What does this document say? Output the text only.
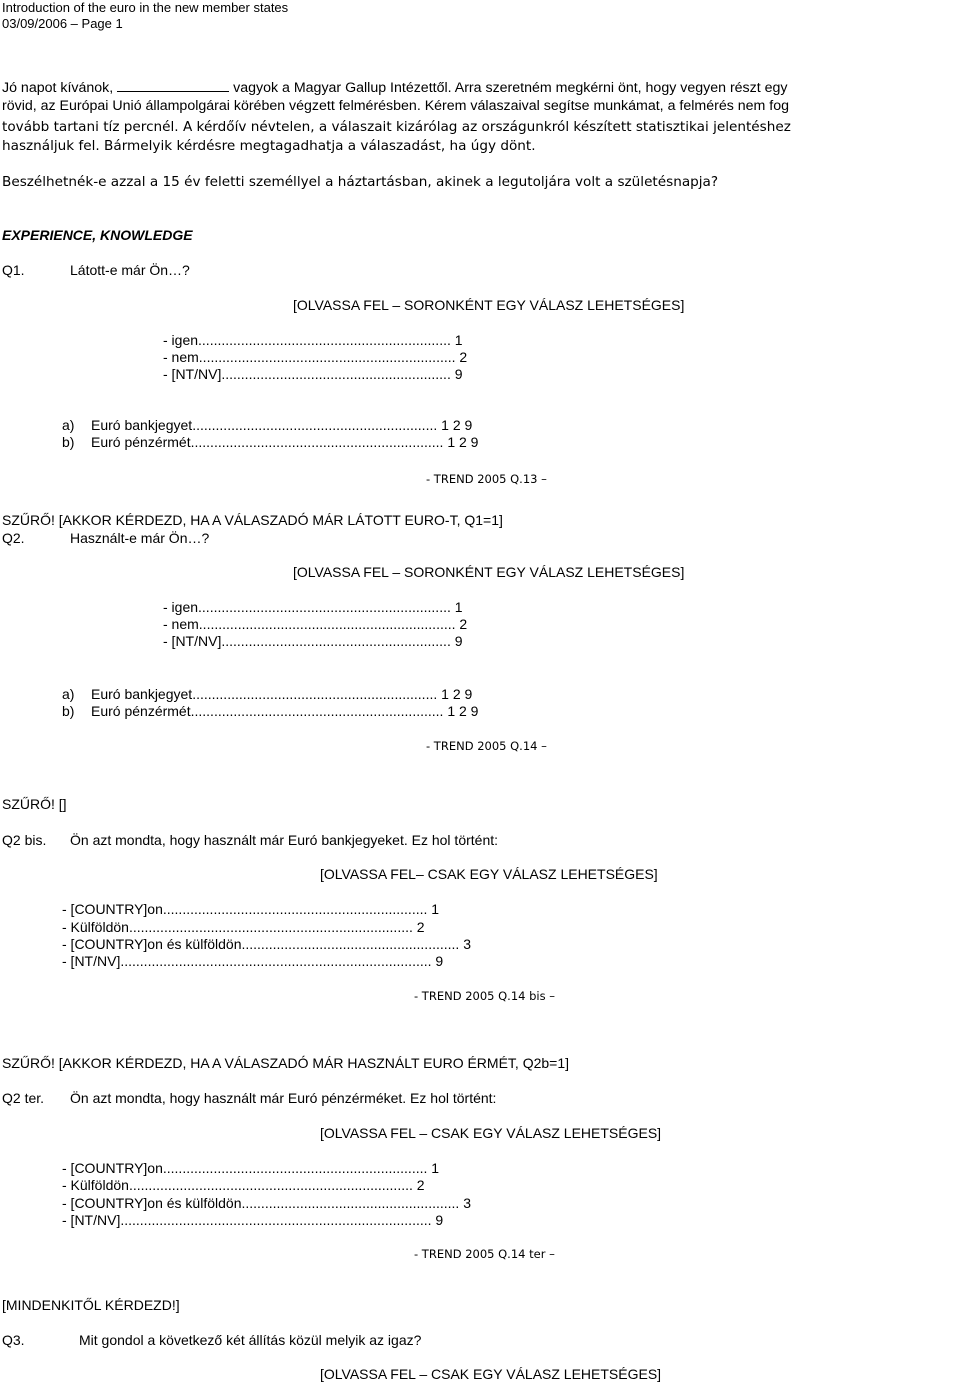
Introduction of the euro in the new member states
03/09/2006 – Page 1
Jó napot kívánok,	vagyok a Magyar Gallup Intézettől. Arra szeretném megkérni önt, hogy vegyen részt egy
rövid, az Európai Unió állampolgárai körében végzett felmérésben. Kérem válaszaival segítse munkámat, a felmérés nem fog
tovább tartani tíz percnél. A kérdőív névtelen, a válaszait kizárólag az országunkról készített statisztikai jelentéshez
használjuk fel. Bármelyik kérdésre megtagadhatja a válaszadást, ha úgy dönt.
Beszélhetnék-e azzal a 15 év feletti személlyel a háztartásban, akinek a legutoljára volt a születésnapja?
EXPERIENCE, KNOWLEDGE
Q1.	Látott-e már Ön…?
[OLVASSA FEL – SORONKÉNT EGY VÁLASZ LEHETSÉGES]
- igen................................................................. 1
- nem.................................................................. 2
- [NT/NV]........................................................... 9
a) Euró bankjegyet............................................................... 1 2 9
b) Euró pénzérmét................................................................. 1 2 9
- TREND 2005 Q.13 –
SZŰRŐ! [AKKOR KÉRDEZD, HA A VÁLASZADÓ MÁR LÁTOTT EURO-T, Q1=1]
Q2.	Használt-e már Ön…?
[OLVASSA FEL – SORONKÉNT EGY VÁLASZ LEHETSÉGES]
- igen................................................................. 1
- nem.................................................................. 2
- [NT/NV]........................................................... 9
a) Euró bankjegyet............................................................... 1 2 9
b) Euró pénzérmét................................................................. 1 2 9
- TREND 2005 Q.14 –
SZŰRŐ! []
Q2 bis. Ön azt mondta, hogy használt már Euró bankjegyeket. Ez hol történt:
[OLVASSA FEL– CSAK EGY VÁLASZ LEHETSÉGES]
- [COUNTRY]on.................................................................... 1
- Külföldön......................................................................... 2
- [COUNTRY]on és külföldön........................................................ 3
- [NT/NV]................................................................................ 9
- TREND 2005 Q.14 bis –
SZŰRŐ! [AKKOR KÉRDEZD, HA A VÁLASZADÓ MÁR HASZNÁLT EURO ÉRMÉT, Q2b=1]
Q2 ter. Ön azt mondta, hogy használt már Euró pénzérméket. Ez hol történt:
[OLVASSA FEL – CSAK EGY VÁLASZ LEHETSÉGES]
- [COUNTRY]on.................................................................... 1
- Külföldön......................................................................... 2
- [COUNTRY]on és külföldön........................................................ 3
- [NT/NV]................................................................................ 9
- TREND 2005 Q.14 ter –
[MINDENKITŐL KÉRDEZD!]
Q3.	Mit gondol a következő két állítás közül melyik az igaz?
[OLVASSA FEL – CSAK EGY VÁLASZ LEHETSÉGES]
